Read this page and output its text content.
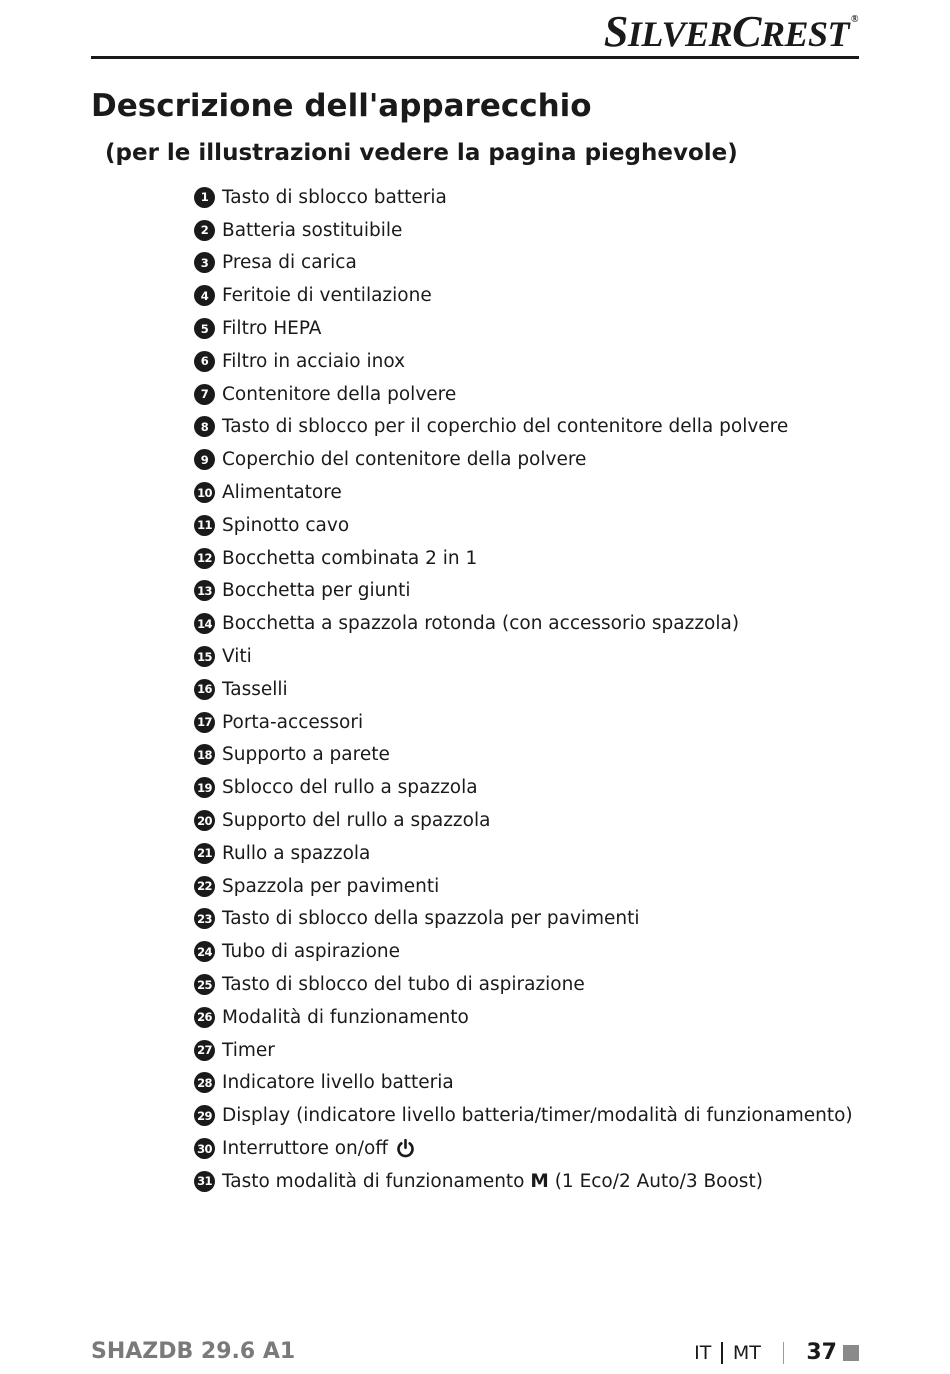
SILVERCREST ®
Descrizione dell'apparecchio
(per le illustrazioni vedere la pagina pieghevole)
1 Tasto di sblocco batteria
2 Batteria sostituibile
3 Presa di carica
4 Feritoie di ventilazione
5 Filtro HEPA
6 Filtro in acciaio inox
7 Contenitore della polvere
8 Tasto di sblocco per il coperchio del contenitore della polvere
9 Coperchio del contenitore della polvere
10 Alimentatore
11 Spinotto cavo
12 Bocchetta combinata 2 in 1
13 Bocchetta per giunti
14 Bocchetta a spazzola rotonda (con accessorio spazzola)
15 Viti
16 Tasselli
17 Porta-accessori
18 Supporto a parete
19 Sblocco del rullo a spazzola
20 Supporto del rullo a spazzola
21 Rullo a spazzola
22 Spazzola per pavimenti
23 Tasto di sblocco della spazzola per pavimenti
24 Tubo di aspirazione
25 Tasto di sblocco del tubo di aspirazione
26 Modalità di funzionamento
27 Timer
28 Indicatore livello batteria
29 Display (indicatore livello batteria/timer/modalità di funzionamento)
30 Interruttore on/off
31 Tasto modalità di funzionamento
M
(1 Eco/2 Auto/3 Boost)
SHAZDB 29.6 A1	IT MT 37
